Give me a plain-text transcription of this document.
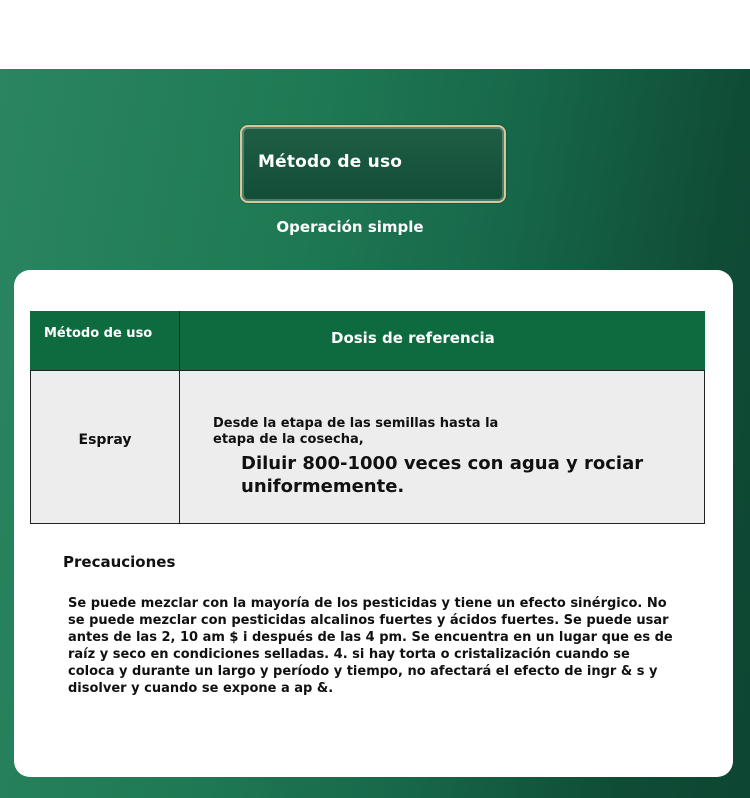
Método de uso
Operación simple
Método de uso	Dosis de referencia
Espray
Desde la etapa de las semillas hasta la etapa de la cosecha,
Diluir 800-1000 veces con agua y rociar uniformemente.
Precauciones
Se puede mezclar con la mayoría de los pesticidas y tiene un efecto sinérgico. No se puede mezclar con pesticidas alcalinos fuertes y ácidos fuertes. Se puede usar antes de las 2, 10 am $ i después de las 4 pm. Se encuentra en un lugar que es de raíz y seco en condiciones selladas. 4. si hay torta o cristalización cuando se coloca y durante un largo y período y tiempo, no afectará el efecto de ingr & s y disolver y cuando se expone a ap &.
